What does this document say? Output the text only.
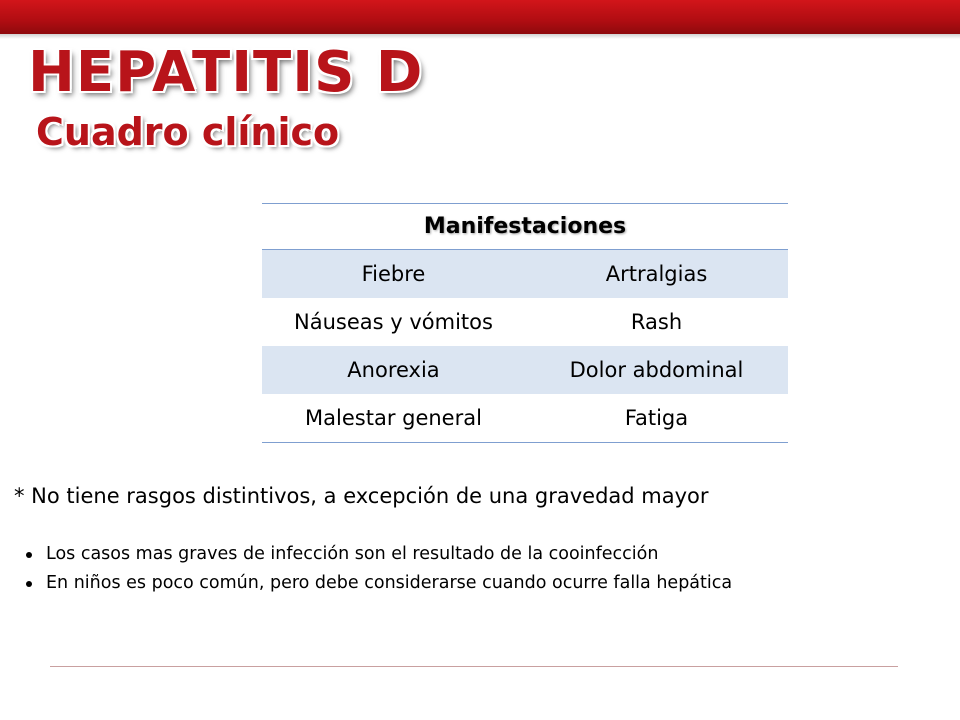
HEPATITIS D
Cuadro clínico
Manifestaciones	
Fiebre	Artralgias
Náuseas y vómitos	Rash
Anorexia	Dolor abdominal
Malestar general	Fatiga

* No tiene rasgos distintivos, a excepción de una gravedad mayor

Los casos mas graves de infección son el resultado de la cooinfección
En niños es poco común, pero debe considerarse cuando ocurre falla hepática
